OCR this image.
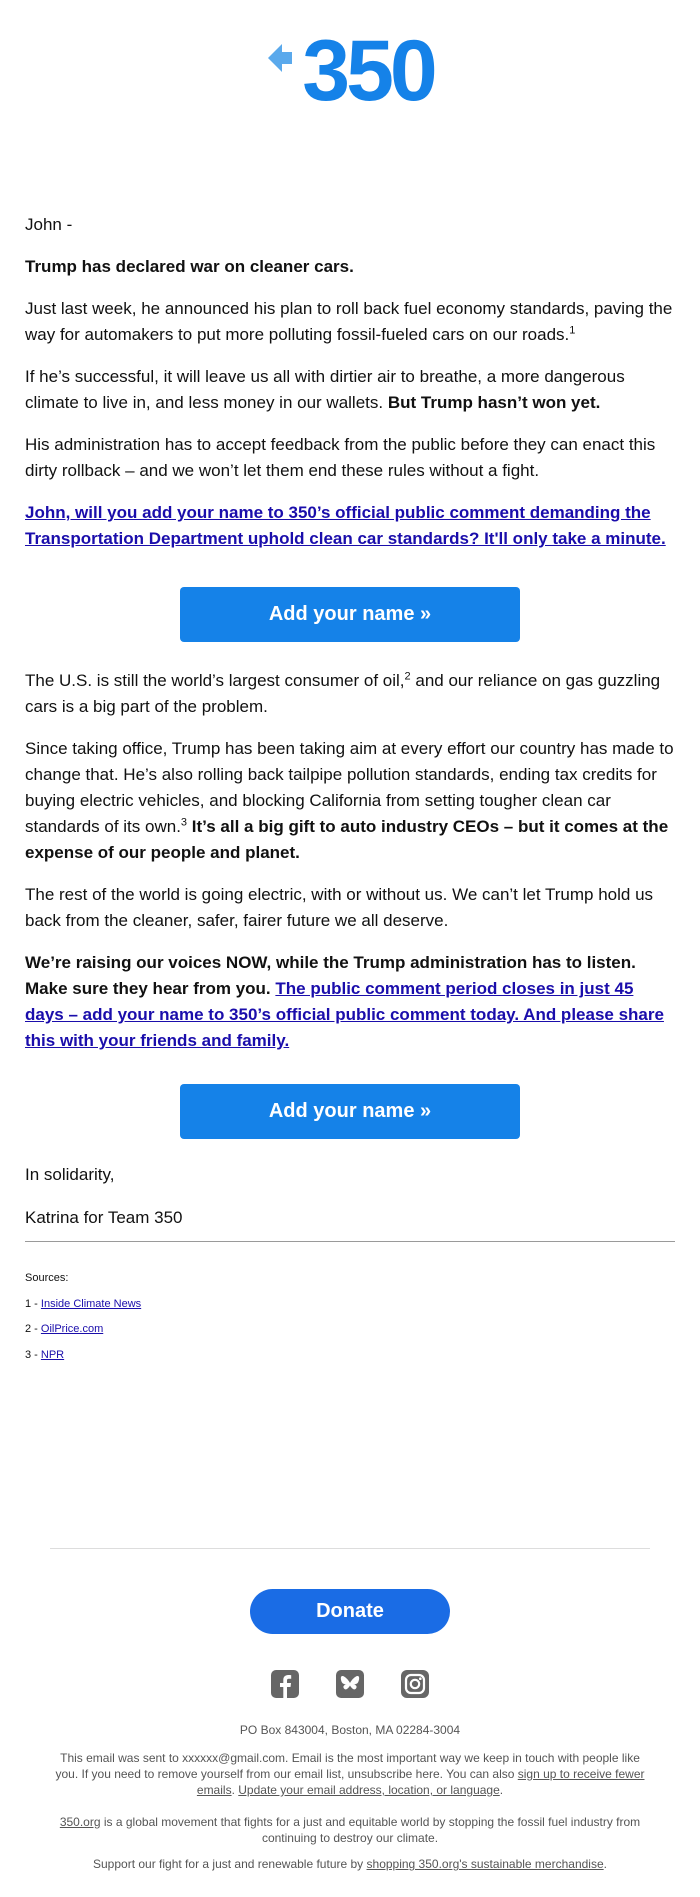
350

John -

Trump has declared war on cleaner cars.

Just last week, he announced his plan to roll back fuel economy standards, paving the way for automakers to put more polluting fossil-fueled cars on our roads.$^1$

If he’s successful, it will leave us all with dirtier air to breathe, a more dangerous climate to live in, and less money in our wallets. But Trump hasn’t won yet.

His administration has to accept feedback from the public before they can enact this dirty rollback – and we won’t let them end these rules without a fight.

John, will you add your name to 350’s official public comment demanding the Transportation Department uphold clean car standards? It'll only take a minute.

Add your name »

The U.S. is still the world’s largest consumer of oil,$^2$ and our reliance on gas guzzling cars is a big part of the problem.

Since taking office, Trump has been taking aim at every effort our country has made to change that. He’s also rolling back tailpipe pollution standards, ending tax credits for buying electric vehicles, and blocking California from setting tougher clean car standards of its own.$^3$ It’s all a big gift to auto industry CEOs – but it comes at the expense of our people and planet.

The rest of the world is going electric, with or without us. We can’t let Trump hold us back from the cleaner, safer, fairer future we all deserve.

We’re raising our voices NOW, while the Trump administration has to listen. Make sure they hear from you. The public comment period closes in just 45 days – add your name to 350’s official public comment today. And please share this with your friends and family.

Add your name »

In solidarity,

Katrina for Team 350

Sources:
1 - Inside Climate News
2 - OilPrice.com
3 - NPR
Donate
PO Box 843004, Boston, MA 02284-3004
This email was sent to xxxxxx@gmail.com. Email is the most important way we keep in touch with people like you. If you need to remove yourself from our email list, unsubscribe here. You can also sign up to receive fewer emails. Update your email address, location, or language.
350.org is a global movement that fights for a just and equitable world by stopping the fossil fuel industry from continuing to destroy our climate.
Support our fight for a just and renewable future by shopping 350.org's sustainable merchandise.
